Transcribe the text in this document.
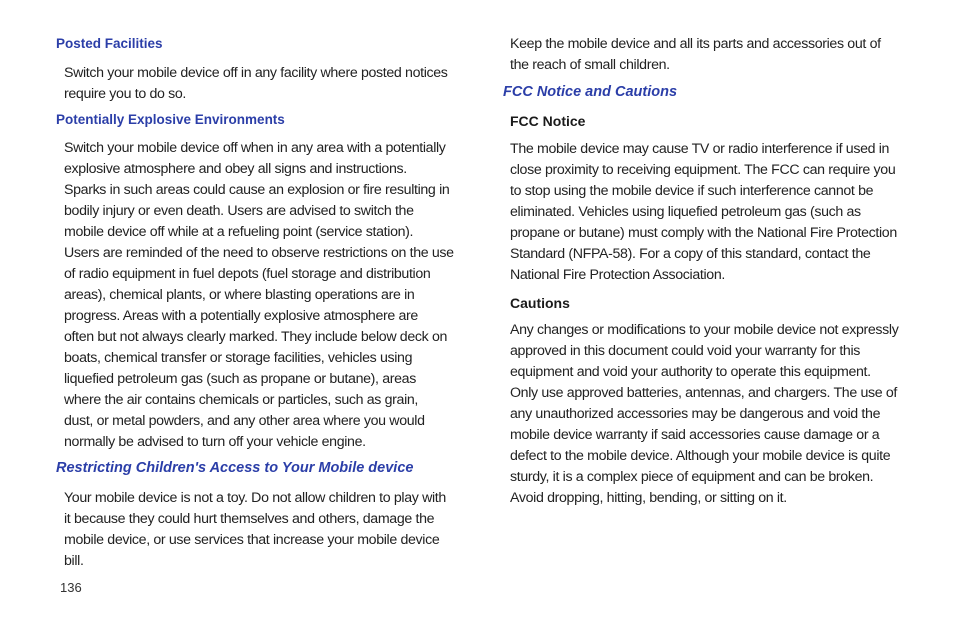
Posted Facilities

Switch your mobile device off in any facility where posted notices
require you to do so.

Potentially Explosive Environments

Switch your mobile device off when in any area with a potentially
explosive atmosphere and obey all signs and instructions.
Sparks in such areas could cause an explosion or fire resulting in
bodily injury or even death. Users are advised to switch the
mobile device off while at a refueling point (service station).
Users are reminded of the need to observe restrictions on the use
of radio equipment in fuel depots (fuel storage and distribution
areas), chemical plants, or where blasting operations are in
progress. Areas with a potentially explosive atmosphere are
often but not always clearly marked. They include below deck on
boats, chemical transfer or storage facilities, vehicles using
liquefied petroleum gas (such as propane or butane), areas
where the air contains chemicals or particles, such as grain,
dust, or metal powders, and any other area where you would
normally be advised to turn off your vehicle engine.

Restricting Children's Access to Your Mobile device

Your mobile device is not a toy. Do not allow children to play with
it because they could hurt themselves and others, damage the
mobile device, or use services that increase your mobile device
bill.

Keep the mobile device and all its parts and accessories out of
the reach of small children.

FCC Notice and Cautions
FCC Notice

The mobile device may cause TV or radio interference if used in
close proximity to receiving equipment. The FCC can require you
to stop using the mobile device if such interference cannot be
eliminated. Vehicles using liquefied petroleum gas (such as
propane or butane) must comply with the National Fire Protection
Standard (NFPA-58). For a copy of this standard, contact the
National Fire Protection Association.

Cautions

Any changes or modifications to your mobile device not expressly
approved in this document could void your warranty for this
equipment and void your authority to operate this equipment.
Only use approved batteries, antennas, and chargers. The use of
any unauthorized accessories may be dangerous and void the
mobile device warranty if said accessories cause damage or a
defect to the mobile device. Although your mobile device is quite
sturdy, it is a complex piece of equipment and can be broken.
Avoid dropping, hitting, bending, or sitting on it.

136
